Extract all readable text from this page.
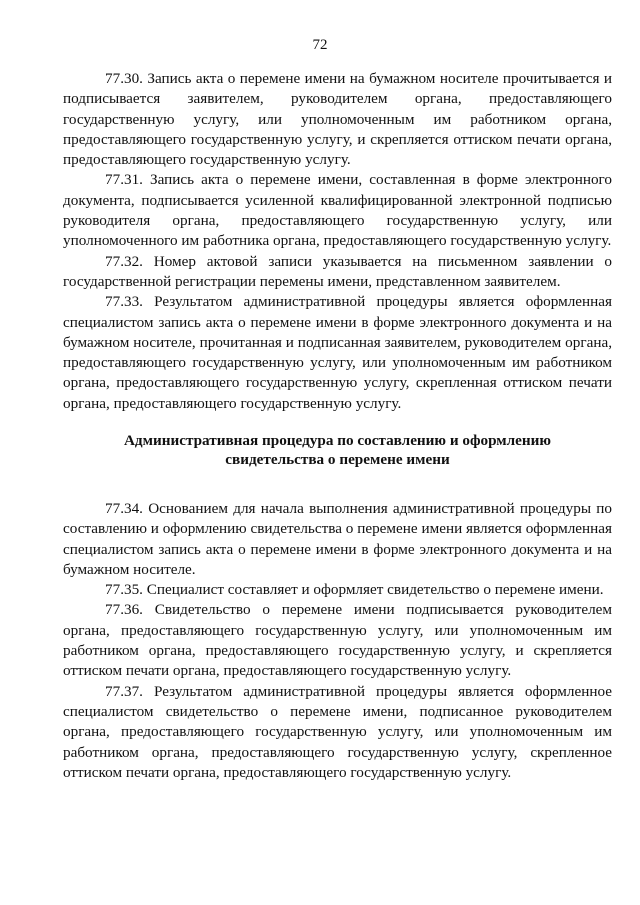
72

77.30. Запись акта о перемене имени на бумажном носителе прочитывается и подписывается заявителем, руководителем органа, предоставляющего государственную услугу, или уполномоченным им работником органа, предоставляющего государственную услугу, и скрепляется оттиском печати органа, предоставляющего государственную услугу.

77.31. Запись акта о перемене имени, составленная в форме электронного документа, подписывается усиленной квалифицированной электронной подписью руководителя органа, предоставляющего государственную услугу, или уполномоченного им работника органа, предоставляющего государственную услугу.

77.32. Номер актовой записи указывается на письменном заявлении о государственной регистрации перемены имени, представленном заявителем.

77.33. Результатом административной процедуры является оформленная специалистом запись акта о перемене имени в форме электронного документа и на бумажном носителе, прочитанная и подписанная заявителем, руководителем органа, предоставляющего государственную услугу, или уполномоченным им работником органа, предоставляющего государственную услугу, скрепленная оттиском печати органа, предоставляющего государственную услугу.

Административная процедура по составлению и оформлению
свидетельства о перемене имени

77.34. Основанием для начала выполнения административной процедуры по составлению и оформлению свидетельства о перемене имени является оформленная специалистом запись акта о перемене имени в форме электронного документа и на бумажном носителе.

77.35. Специалист составляет и оформляет свидетельство о перемене имени.

77.36. Свидетельство о перемене имени подписывается руководителем органа, предоставляющего государственную услугу, или уполномоченным им работником органа, предоставляющего государственную услугу, и скрепляется оттиском печати органа, предоставляющего государственную услугу.

77.37. Результатом административной процедуры является оформленное специалистом свидетельство о перемене имени, подписанное руководителем органа, предоставляющего государственную услугу, или уполномоченным им работником органа, предоставляющего государственную услугу, скрепленное оттиском печати органа, предоставляющего государственную услугу.
